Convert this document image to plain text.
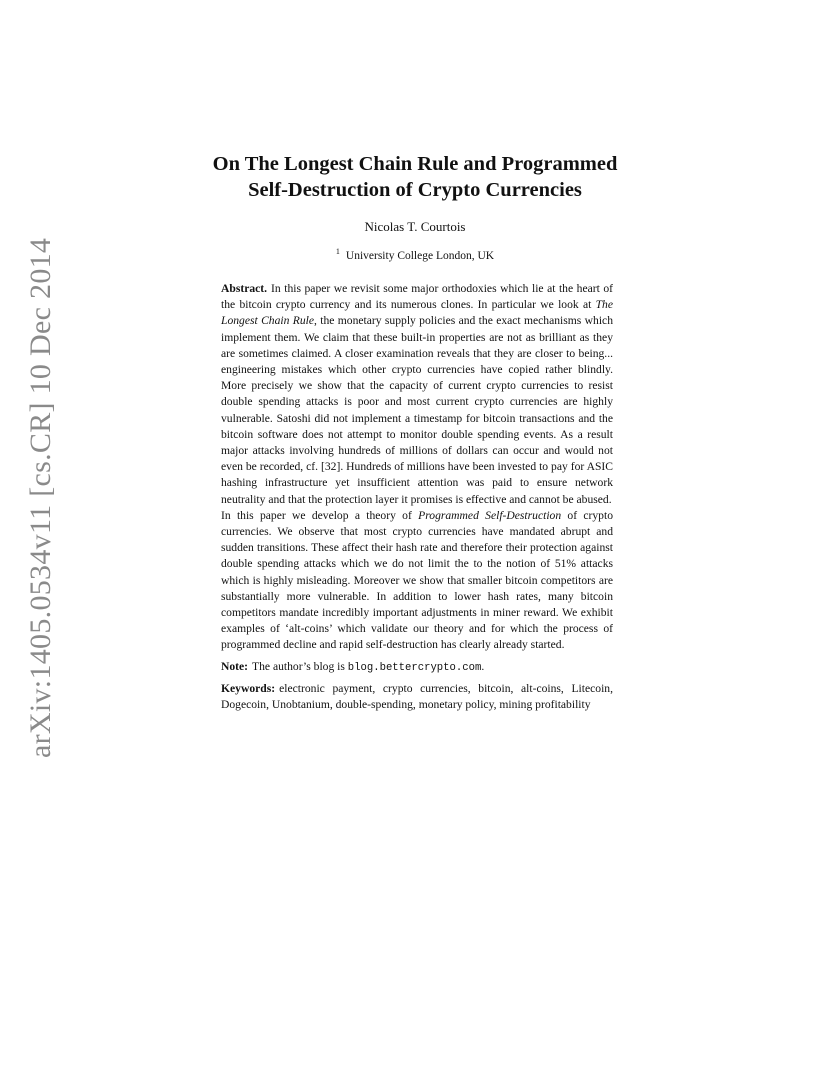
arXiv:1405.0534v11 [cs.CR] 10 Dec 2014
On The Longest Chain Rule and Programmed
Self-Destruction of Crypto Currencies
Nicolas T. Courtois
$^1$ University College London, UK

Abstract. In this paper we revisit some major orthodoxies which lie at the heart of the bitcoin crypto currency and its numerous clones. In particular we look at The Longest Chain Rule, the monetary supply policies and the exact mechanisms which implement them. We claim that these built-in properties are not as brilliant as they are sometimes claimed. A closer examination reveals that they are closer to being... engineering mistakes which other crypto currencies have copied rather blindly. More precisely we show that the capacity of current crypto currencies to resist double spending attacks is poor and most current crypto currencies are highly vulnerable. Satoshi did not implement a timestamp for bitcoin transactions and the bitcoin software does not attempt to monitor double spending events. As a result major attacks involving hundreds of millions of dollars can occur and would not even be recorded, cf. [32]. Hundreds of millions have been invested to pay for ASIC hashing infrastructure yet insufficient attention was paid to ensure network neutrality and that the protection layer it promises is effective and cannot be abused.

In this paper we develop a theory of Programmed Self-Destruction of crypto currencies. We observe that most crypto currencies have mandated abrupt and sudden transitions. These affect their hash rate and therefore their protection against double spending attacks which we do not limit the to the notion of 51% attacks which is highly misleading. Moreover we show that smaller bitcoin competitors are substantially more vulnerable. In addition to lower hash rates, many bitcoin competitors mandate incredibly important adjustments in miner reward. We exhibit examples of ‘alt-coins’ which validate our theory and for which the process of programmed decline and rapid self-destruction has clearly already started.

Note: The author’s blog is blog.bettercrypto.com.

Keywords: electronic payment, crypto currencies, bitcoin, alt-coins, Litecoin, Dogecoin, Unobtanium, double-spending, monetary policy, mining profitability
